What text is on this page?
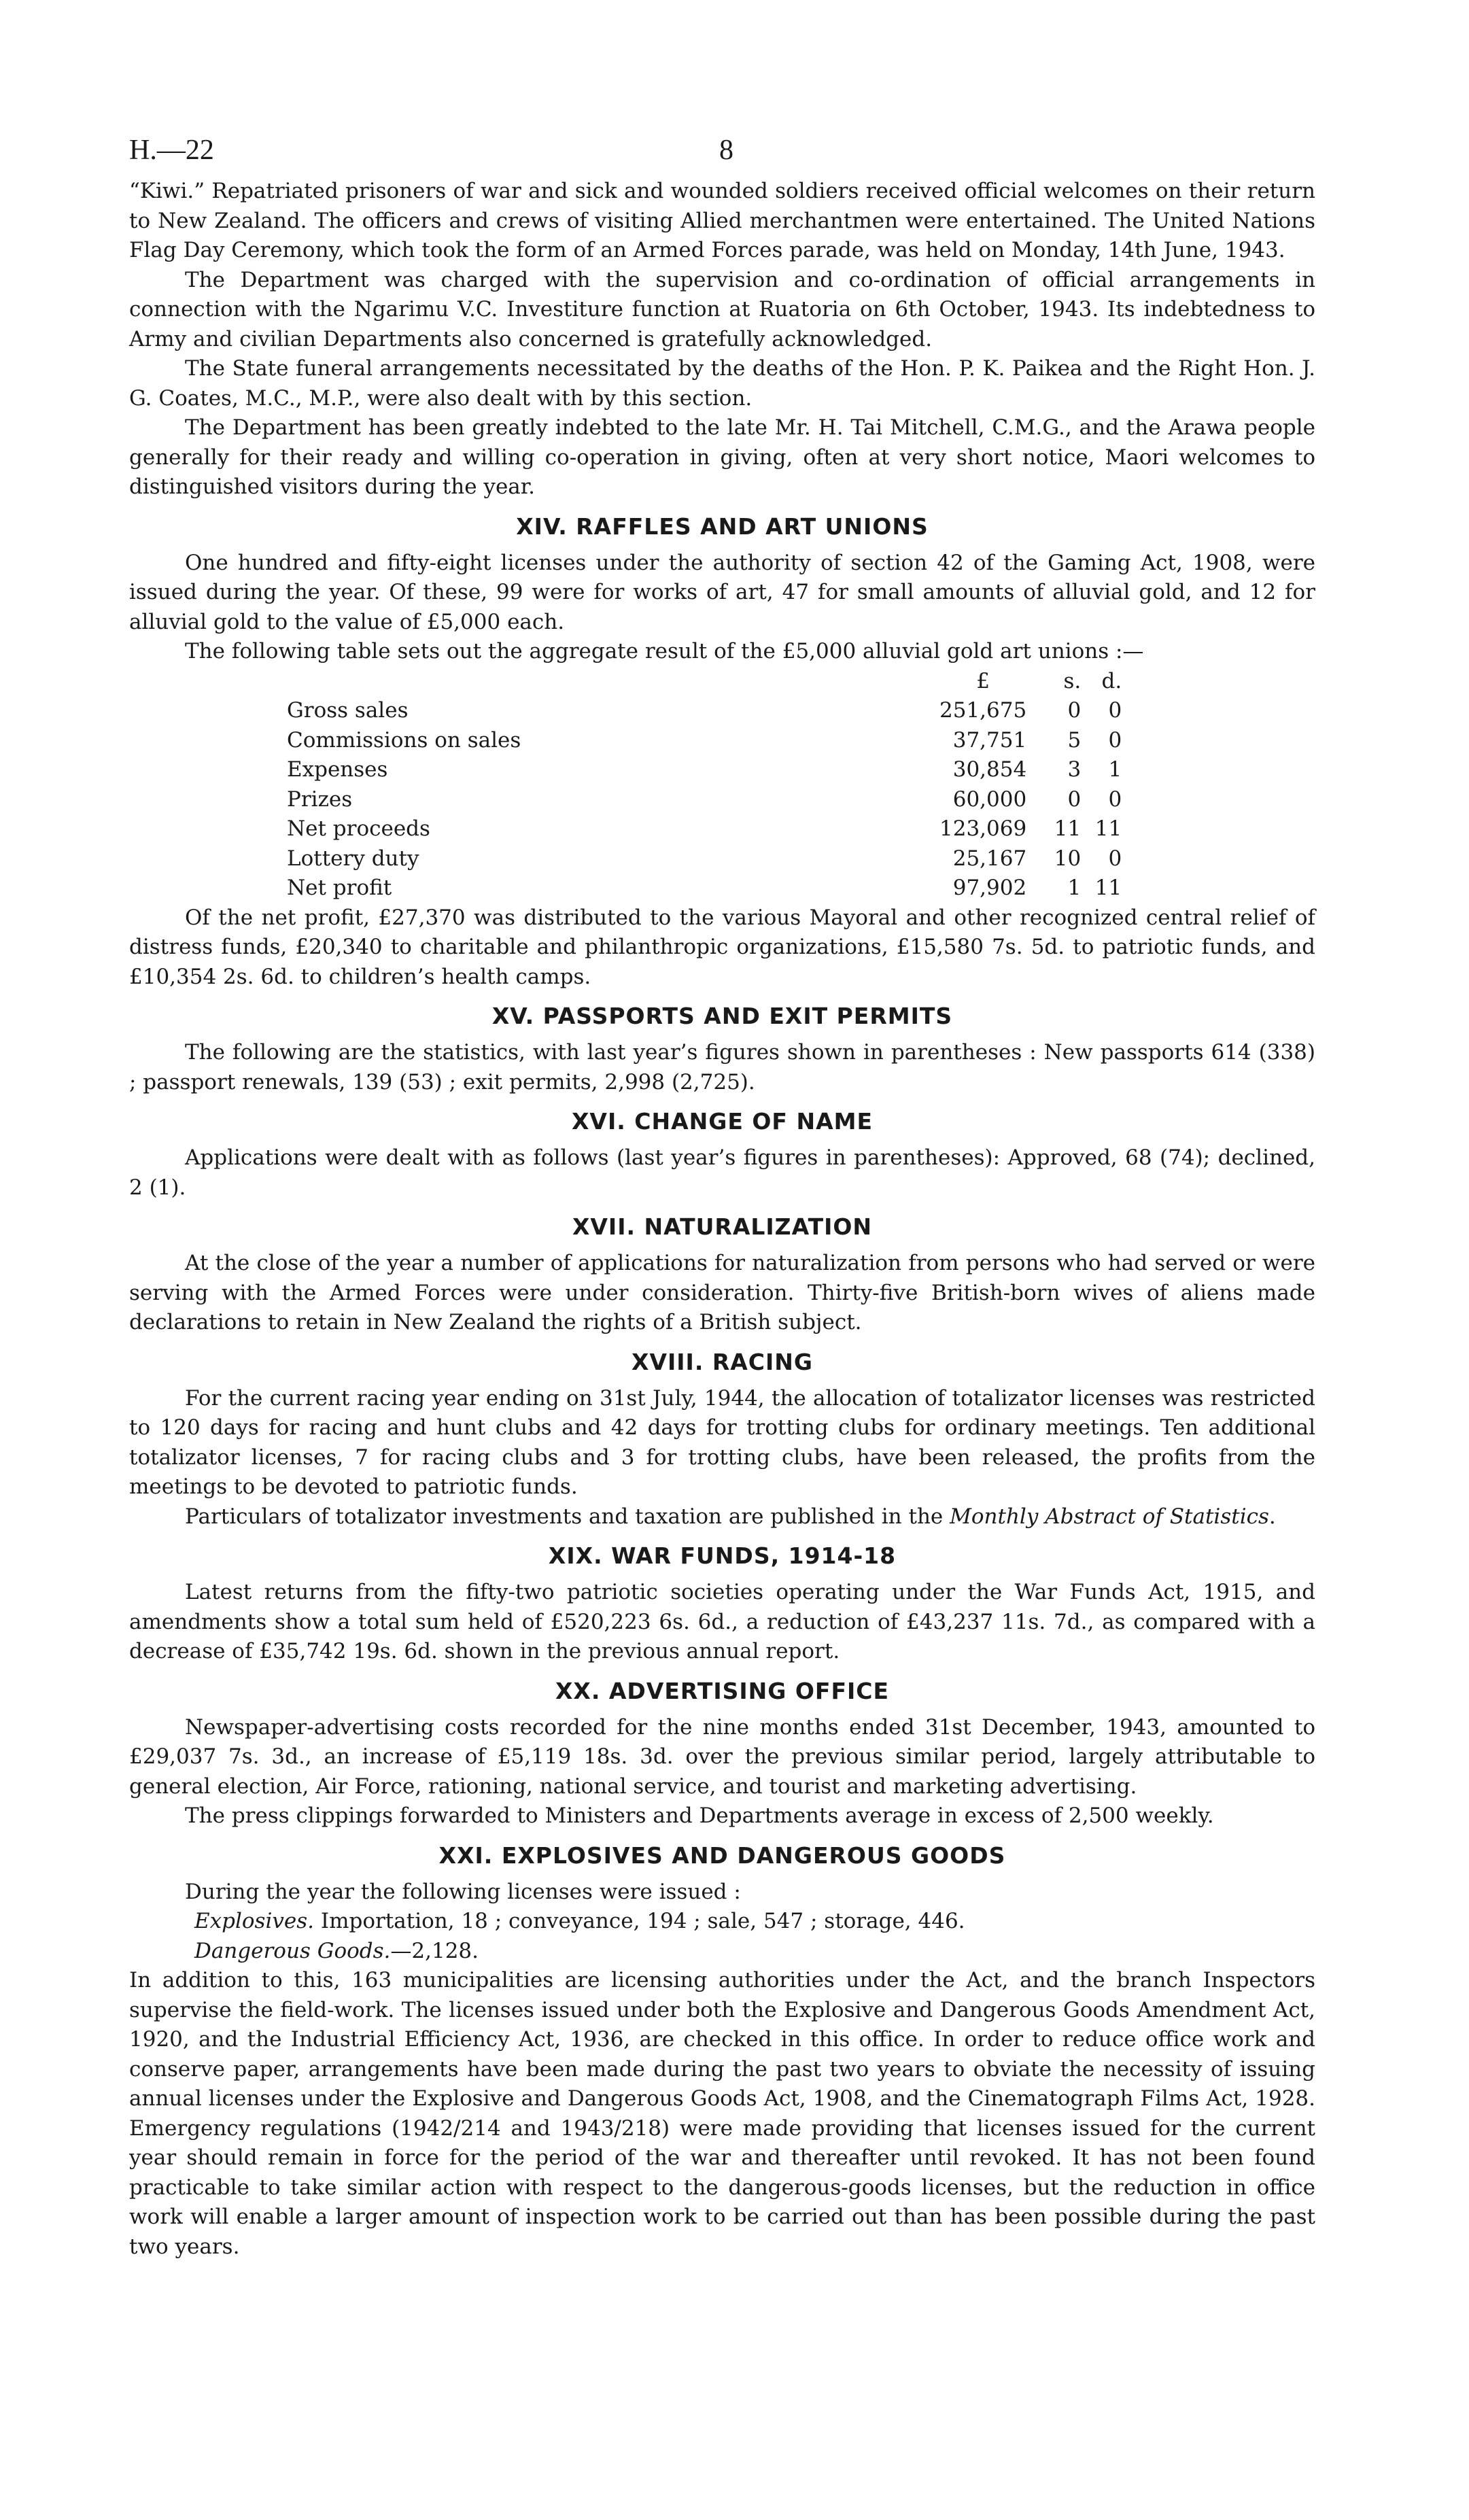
H.—22	8

“Kiwi.” Repatriated prisoners of war and sick and wounded soldiers received official welcomes on their return to New Zealand. The officers and crews of visiting Allied merchantmen were entertained. The United Nations Flag Day Ceremony, which took the form of an Armed Forces parade, was held on Monday, 14th June, 1943.

The Department was charged with the supervision and co-ordination of official arrangements in connection with the Ngarimu V.C. Investiture function at Ruatoria on 6th October, 1943. Its indebtedness to Army and civilian Departments also concerned is gratefully acknowledged.

The State funeral arrangements necessitated by the deaths of the Hon. P. K. Paikea and the Right Hon. J. G. Coates, M.C., M.P., were also dealt with by this section.

The Department has been greatly indebted to the late Mr. H. Tai Mitchell, C.M.G., and the Arawa people generally for their ready and willing co-operation in giving, often at very short notice, Maori welcomes to distinguished visitors during the year.

XIV. RAFFLES AND ART UNIONS

One hundred and fifty-eight licenses under the authority of section 42 of the Gaming Act, 1908, were issued during the year. Of these, 99 were for works of art, 47 for small amounts of alluvial gold, and 12 for alluvial gold to the value of £5,000 each.

The following table sets out the aggregate result of the £5,000 alluvial gold art unions :—

	£	s.	d.
Gross sales	251,675	0	0
Commissions on sales	37,751	5	0
Expenses	30,854	3	1
Prizes	60,000	0	0
Net proceeds	123,069	11	11
Lottery duty	25,167	10	0
Net profit	97,902	1	11

Of the net profit, £27,370 was distributed to the various Mayoral and other recognized central relief of distress funds, £20,340 to charitable and philanthropic organizations, £15,580 7s. 5d. to patriotic funds, and £10,354 2s. 6d. to children’s health camps.

XV. PASSPORTS AND EXIT PERMITS

The following are the statistics, with last year’s figures shown in parentheses : New passports 614 (338) ; passport renewals, 139 (53) ; exit permits, 2,998 (2,725).

XVI. CHANGE OF NAME

Applications were dealt with as follows (last year’s figures in parentheses): Approved, 68 (74); declined, 2 (1).

XVII. NATURALIZATION

At the close of the year a number of applications for naturalization from persons who had served or were serving with the Armed Forces were under consideration. Thirty-five British-born wives of aliens made declarations to retain in New Zealand the rights of a British subject.

XVIII. RACING

For the current racing year ending on 31st July, 1944, the allocation of totalizator licenses was restricted to 120 days for racing and hunt clubs and 42 days for trotting clubs for ordinary meetings. Ten additional totalizator licenses, 7 for racing clubs and 3 for trotting clubs, have been released, the profits from the meetings to be devoted to patriotic funds.

Particulars of totalizator investments and taxation are published in the Monthly Abstract of Statistics.

XIX. WAR FUNDS, 1914-18

Latest returns from the fifty-two patriotic societies operating under the War Funds Act, 1915, and amendments show a total sum held of £520,223 6s. 6d., a reduction of £43,237 11s. 7d., as compared with a decrease of £35,742 19s. 6d. shown in the previous annual report.

XX. ADVERTISING OFFICE

Newspaper-advertising costs recorded for the nine months ended 31st December, 1943, amounted to £29,037 7s. 3d., an increase of £5,119 18s. 3d. over the previous similar period, largely attributable to general election, Air Force, rationing, national service, and tourist and marketing advertising.

The press clippings forwarded to Ministers and Departments average in excess of 2,500 weekly.

XXI. EXPLOSIVES AND DANGEROUS GOODS

During the year the following licenses were issued :

Explosives. Importation, 18 ; conveyance, 194 ; sale, 547 ; storage, 446.

Dangerous Goods.—2,128.

In addition to this, 163 municipalities are licensing authorities under the Act, and the branch Inspectors supervise the field-work. The licenses issued under both the Explosive and Dangerous Goods Amendment Act, 1920, and the Industrial Efficiency Act, 1936, are checked in this office. In order to reduce office work and conserve paper, arrangements have been made during the past two years to obviate the necessity of issuing annual licenses under the Explosive and Dangerous Goods Act, 1908, and the Cinematograph Films Act, 1928. Emergency regulations (1942/214 and 1943/218) were made providing that licenses issued for the current year should remain in force for the period of the war and thereafter until revoked. It has not been found practicable to take similar action with respect to the dangerous-goods licenses, but the reduction in office work will enable a larger amount of inspection work to be carried out than has been possible during the past two years.
